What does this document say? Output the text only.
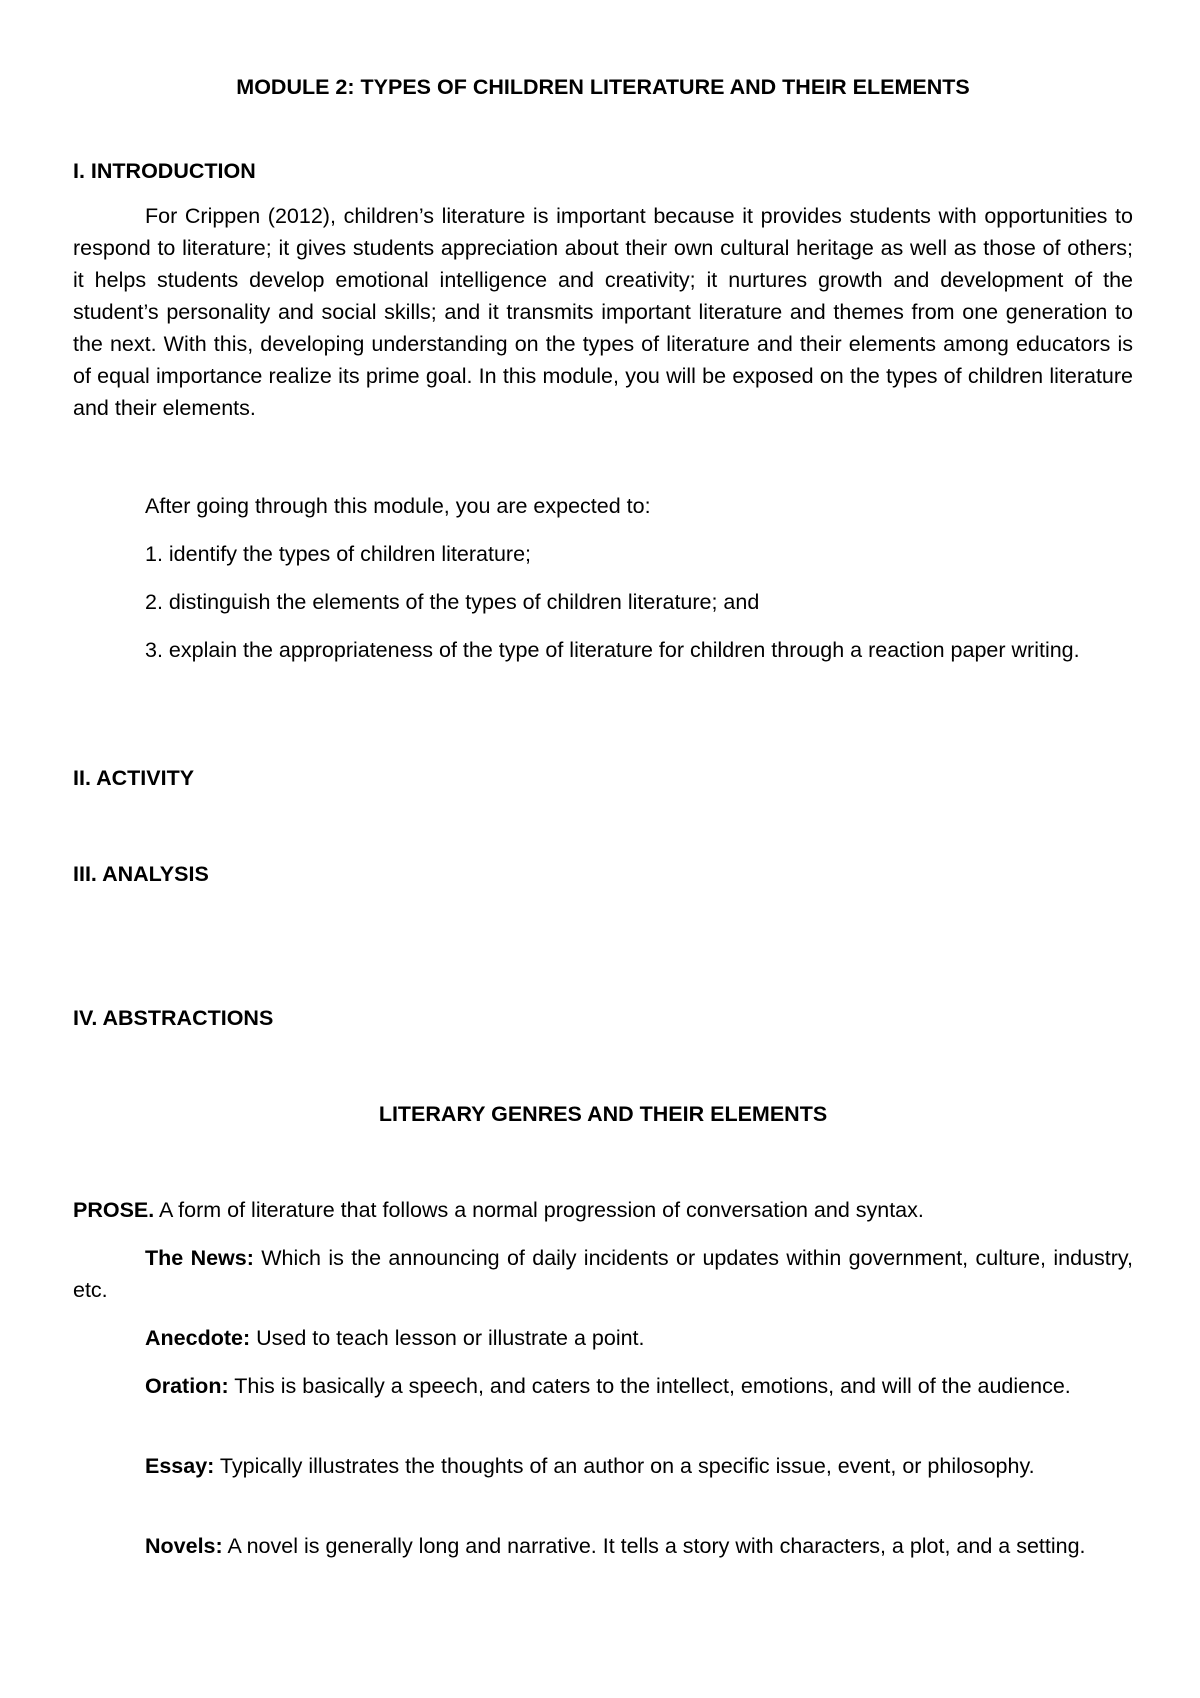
MODULE 2: TYPES OF CHILDREN LITERATURE AND THEIR ELEMENTS
I. INTRODUCTION
For Crippen (2012), children’s literature is important because it provides students with opportunities to respond to literature; it gives students appreciation about their own cultural heritage as well as those of others; it helps students develop emotional intelligence and creativity; it nurtures growth and development of the student’s personality and social skills; and it transmits important literature and themes from one generation to the next. With this, developing understanding on the types of literature and their elements among educators is of equal importance realize its prime goal. In this module, you will be exposed on the types of children literature and their elements.
After going through this module, you are expected to:
1. identify the types of children literature;
2. distinguish the elements of the types of children literature; and
3. explain the appropriateness of the type of literature for children through a reaction paper writing.
II. ACTIVITY
III. ANALYSIS
IV. ABSTRACTIONS
LITERARY GENRES AND THEIR ELEMENTS
PROSE. A form of literature that follows a normal progression of conversation and syntax.
The News: Which is the announcing of daily incidents or updates within government, culture, industry, etc.
Anecdote: Used to teach lesson or illustrate a point.
Oration: This is basically a speech, and caters to the intellect, emotions, and will of the audience.
Essay: Typically illustrates the thoughts of an author on a specific issue, event, or philosophy.
Novels: A novel is generally long and narrative. It tells a story with characters, a plot, and a setting.
